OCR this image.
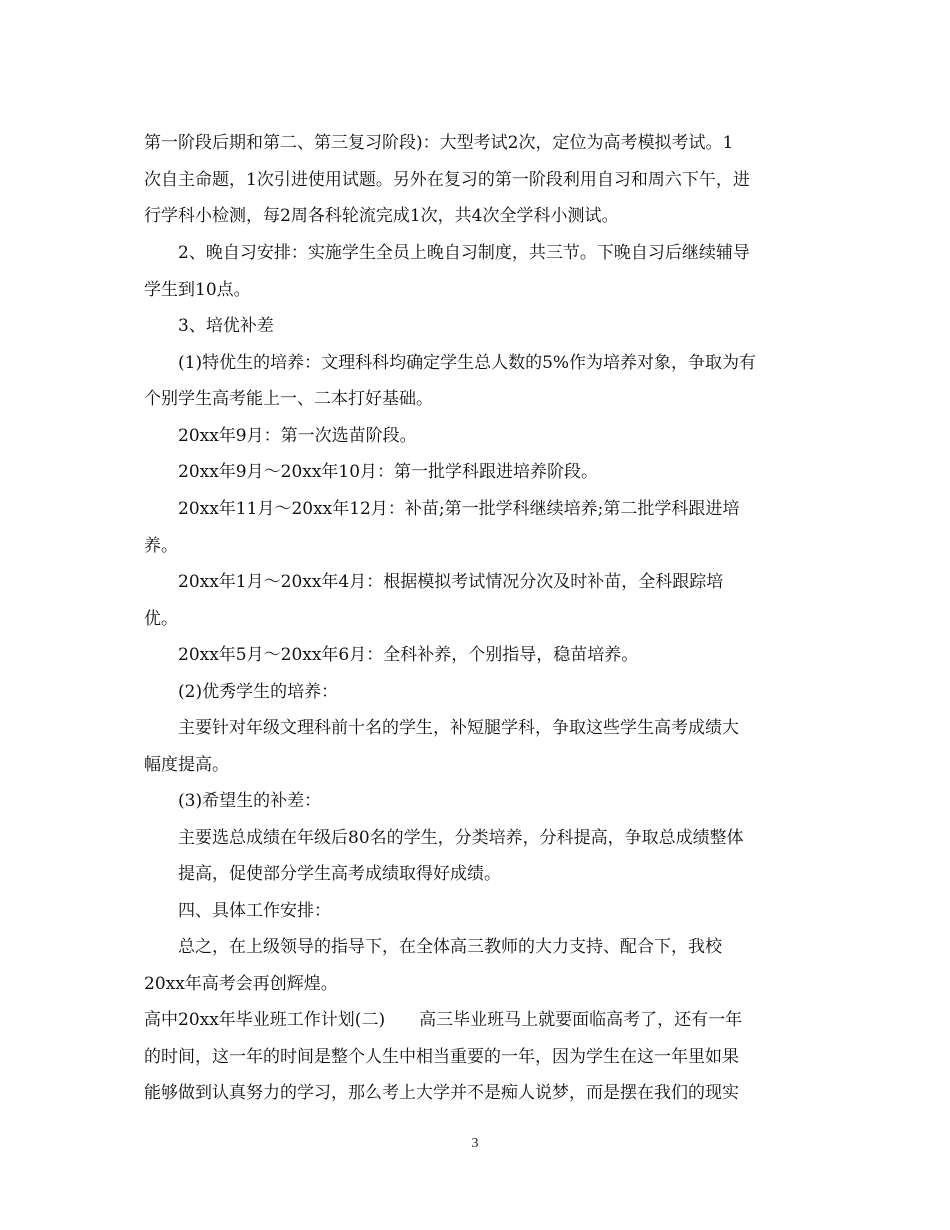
第一阶段后期和第二、第三复习阶段)：大型考试2次，定位为高考模拟考试。1
次自主命题，1次引进使用试题。另外在复习的第一阶段利用自习和周六下午，进
行学科小检测，每2周各科轮流完成1次，共4次全学科小测试。
2、晚自习安排：实施学生全员上晚自习制度，共三节。下晚自习后继续辅导
学生到10点。
3、培优补差
(1)特优生的培养：文理科科均确定学生总人数的5%作为培养对象，争取为有
个别学生高考能上一、二本打好基础。
20xx年9月：第一次选苗阶段。
20xx年9月～20xx年10月：第一批学科跟进培养阶段。
20xx年11月～20xx年12月：补苗;第一批学科继续培养;第二批学科跟进培
养。
20xx年1月～20xx年4月：根据模拟考试情况分次及时补苗，全科跟踪培
优。
20xx年5月～20xx年6月：全科补养，个别指导，稳苗培养。
(2)优秀学生的培养：
主要针对年级文理科前十名的学生，补短腿学科，争取这些学生高考成绩大
幅度提高。
(3)希望生的补差：
主要选总成绩在年级后80名的学生，分类培养，分科提高，争取总成绩整体
提高，促使部分学生高考成绩取得好成绩。
四、具体工作安排：
总之，在上级领导的指导下，在全体高三教师的大力支持、配合下，我校
20xx年高考会再创辉煌。
高中20xx年毕业班工作计划(二)　　高三毕业班马上就要面临高考了，还有一年
的时间，这一年的时间是整个人生中相当重要的一年，因为学生在这一年里如果
能够做到认真努力的学习，那么考上大学并不是痴人说梦，而是摆在我们的现实
3
